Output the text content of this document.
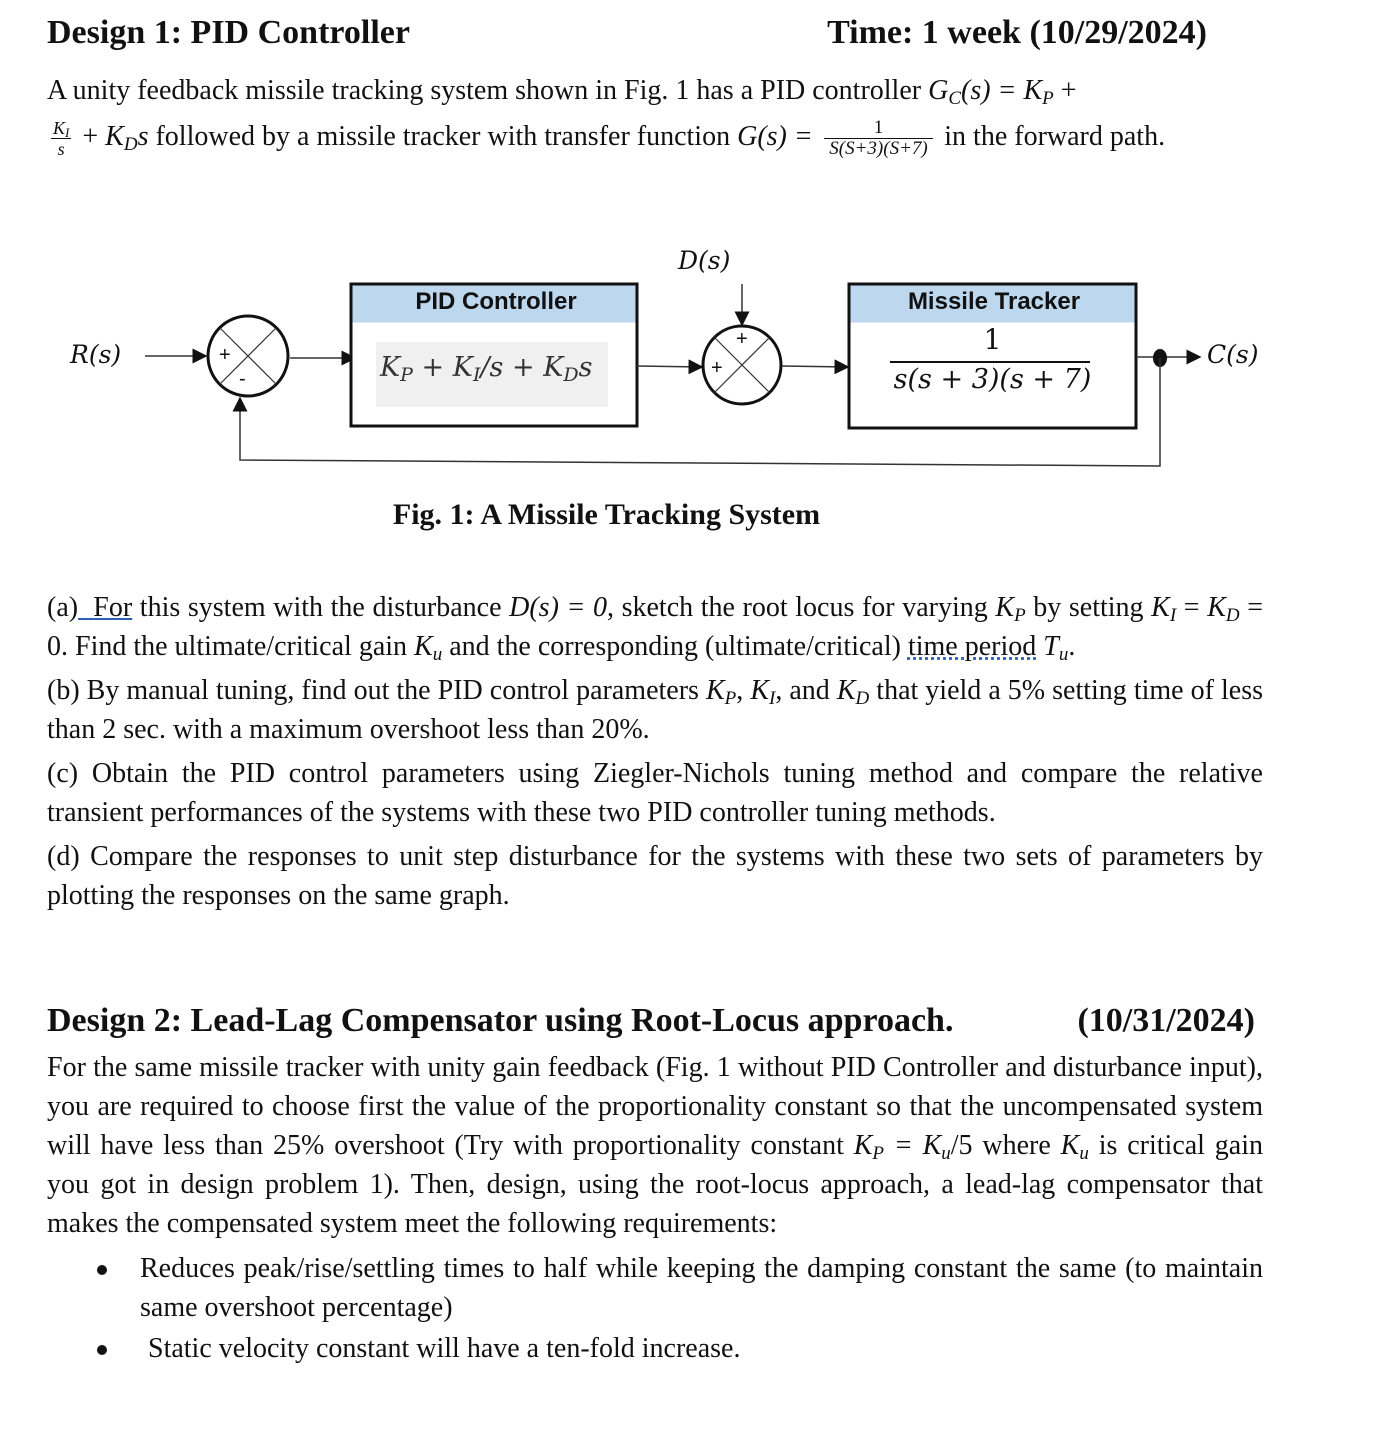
Design 1: PID Controller	Time: 1 week (10/29/2024)
A unity feedback missile tracking system shown in Fig. 1 has a PID controller $G_C(s) = K_P$ +

$\frac{K_I}{s} + K_Ds$ followed by a missile tracker with transfer function $G(s) = \frac{1}{S(S+3)(S+7)}$ in the forward path.
D(s)
R(s)	C(s)
+
-
+
+
PID Controller
$K_P + K_I/s + K_Ds$
Missile Tracker
1
s(s + 3)(s + 7)
Fig. 1: A Missile Tracking System

(a) For this system with the disturbance D(s) = 0, sketch the root locus for varying $K_P$ by setting $K_I = K_D = 0$. Find the ultimate/critical gain $K_u$ and the corresponding (ultimate/critical) time period $T_u$.

(b) By manual tuning, find out the PID control parameters $K_P$, $K_I$, and $K_D$ that yield a 5% setting time of less than 2 sec. with a maximum overshoot less than 20%.

(c) Obtain the PID control parameters using Ziegler-Nichols tuning method and compare the relative transient performances of the systems with these two PID controller tuning methods.

(d) Compare the responses to unit step disturbance for the systems with these two sets of parameters by plotting the responses on the same graph.

Design 2: Lead-Lag Compensator using Root-Locus approach.	(10/31/2024)

For the same missile tracker with unity gain feedback (Fig. 1 without PID Controller and disturbance input), you are required to choose first the value of the proportionality constant so that the uncompensated system will have less than 25% overshoot (Try with proportionality constant $K_P = K_u/5$ where $K_u$ is critical gain you got in design problem 1). Then, design, using the root-locus approach, a lead-lag compensator that makes the compensated system meet the following requirements:

Reduces peak/rise/settling times to half while keeping the damping constant the same (to maintain same overshoot percentage)
Static velocity constant will have a ten-fold increase.
